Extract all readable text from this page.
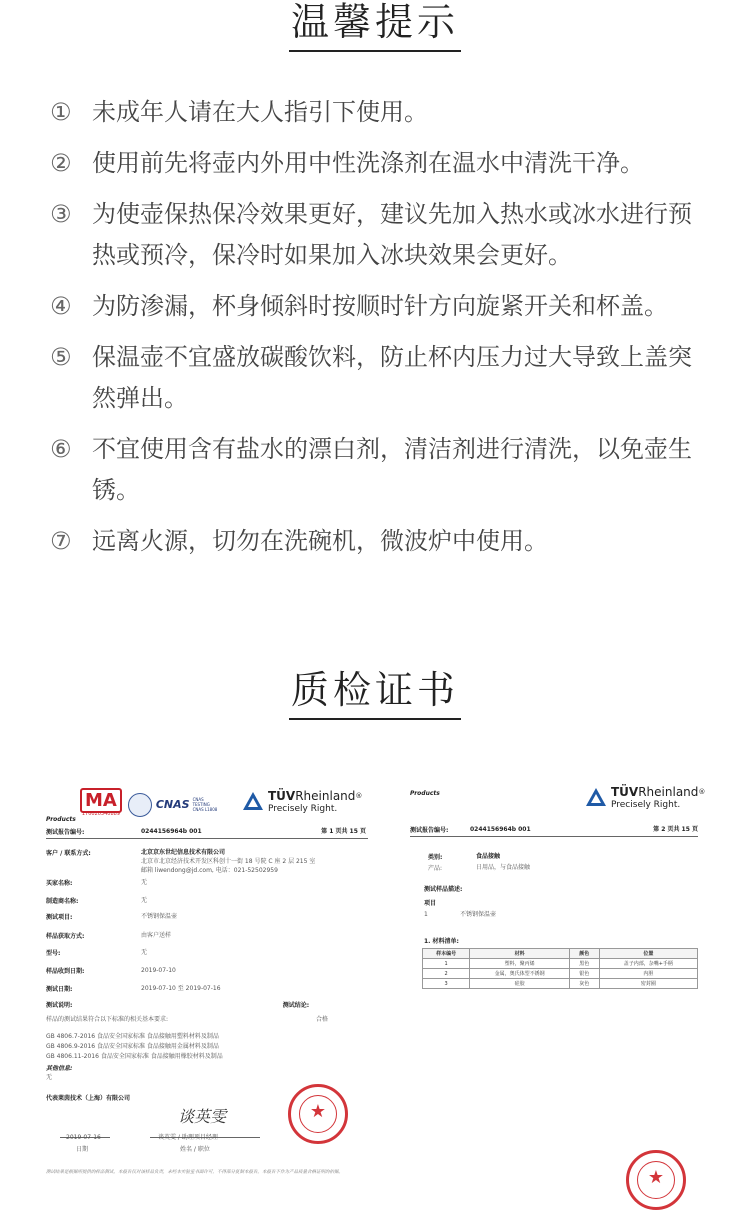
温馨提示
① 未成年人请在大人指引下使用。
② 使用前先将壶内外用中性洗涤剂在温水中清洗干净。
③ 为使壶保热保冷效果更好，建议先加入热水或冰水进行预热或预冷，保冷时如果加入冰块效果会更好。
④ 为防渗漏，杯身倾斜时按顺时针方向旋紧开关和杯盖。
⑤ 保温壶不宜盛放碳酸饮料，防止杯内压力过大导致上盖突然弹出。
⑥ 不宜使用含有盐水的漂白剂，清洁剂进行清洗，以免壶生锈。
⑦ 远离火源，切勿在洗碗机，微波炉中使用。
质检证书
MA
170020340889
CNAS CNAS TESTING CNAS L1808
TÜVRheinland®
Precisely Right.
Products
测试报告编号:	0244156964b 001	第 1 页共 15 页
客户 / 联系方式:	北京京东世纪信息技术有限公司
北京市北京经济技术开发区科创十一街 18 号院 C 座 2 层 215 室
邮箱 liwendong@jd.com, 电话：021-52502959
买家名称:	无
制造商名称:	无
测试项目:	不锈钢保温壶
样品获取方式:	由客户送样
型号:	无
样品收到日期:	2019-07-10
测试日期:	2019-07-10 至 2019-07-16
测试说明:	测试结论:
样品的测试结果符合以下标准的相关基本要求:	合格
GB 4806.7-2016 食品安全国家标准 食品接触用塑料材料及制品
GB 4806.9-2016 食品安全国家标准 食品接触用金属材料及制品
GB 4806.11-2016 食品安全国家标准 食品接触用橡胶材料及制品
其他信息:
无
代表莱茵技术（上海）有限公司
谈英雯
2019-07-16	谈英雯 / 助理项目经理
日期	姓名 / 职位
★
测试结果是根据所提供的样品测试，本报告仅对该样品负责，未经本实验室书面许可，不得部分复制本报告。本报告不作为产品质量合格证明的依据。
Products	TÜVRheinland®
Precisely Right.
测试报告编号:	0244156964b 001	第 2 页共 15 页
类别:	食品接触
产品:	日用品，与食品接触
测试样品描述:
项目
1	不锈钢保温壶
1. 材料清单:
样本编号	材料	颜色	位置
1	塑料，聚丙烯	黑色	盖子内部，杂嘴+手柄
2	金属，奥氏体型不锈钢	银色	内胆
3	硅胶	灰色	密封圈
★
